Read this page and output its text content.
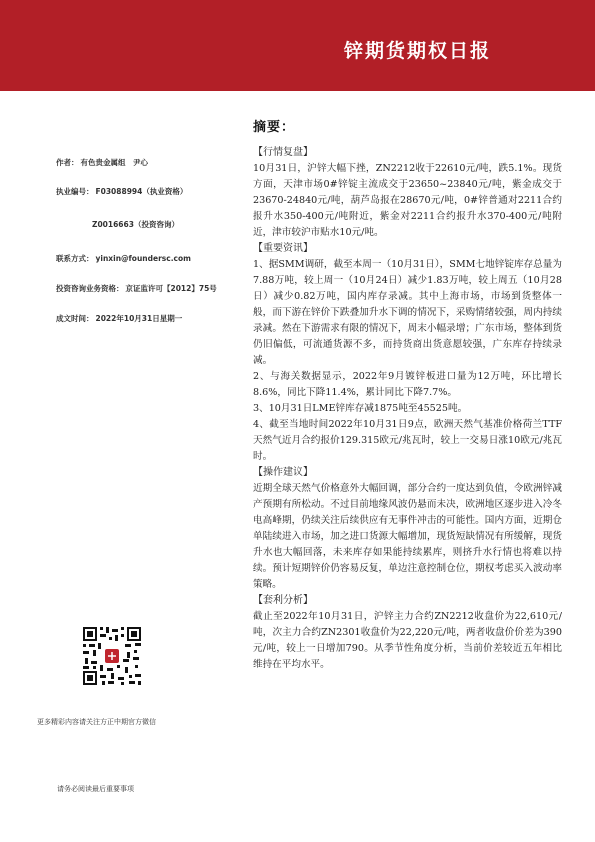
锌期货期权日报
作者： 有色贵金属组　尹心
执业编号： F03088994（执业资格）
Z0016663（投资咨询）
联系方式： yinxin@foundersc.com
投资咨询业务资格： 京证监许可【2012】75号
成文时间： 2022年10月31日星期一
更多精彩内容请关注方正中期官方微信
请务必阅读最后重要事项
摘要：
【行情复盘】

10月31日，沪锌大幅下挫，ZN2212收于22610元/吨，跌5.1%。现货方面，天津市场0#锌锭主流成交于23650~23840元/吨，紫金成交于23670-24840元/吨，葫芦岛报在28670元/吨，0#锌普通对2211合约报升水350-400元/吨附近，紫金对2211合约报升水370-400元/吨附近，津市较沪市贴水10元/吨。

【重要资讯】

1、据SMM调研，截至本周一（10月31日），SMM七地锌锭库存总量为7.88万吨，较上周一（10月24日）减少1.83万吨，较上周五（10月28日）减少0.82万吨，国内库存录减。其中上海市场，市场到货整体一般，而下游在锌价下跌叠加升水下调的情况下，采购情绪较强，周内持续录减。然在下游需求有限的情况下，周末小幅录增；广东市场，整体到货仍旧偏低，可流通货源不多，而持货商出货意愿较强，广东库存持续录减。

2、与海关数据显示，2022年9月镀锌板进口量为12万吨，环比增长8.6%，同比下降11.4%，累计同比下降7.7%。

3、10月31日LME锌库存减1875吨至45525吨。

4、截至当地时间2022年10月31日9点，欧洲天然气基准价格荷兰TTF天然气近月合约报价129.315欧元/兆瓦时，较上一交易日涨10欧元/兆瓦时。

【操作建议】

近期全球天然气价格意外大幅回调，部分合约一度达到负值，令欧洲锌减产预期有所松动。不过目前地缘风波仍悬而未决，欧洲地区逐步进入冷冬电高峰期，仍续关注后续供应有无事件冲击的可能性。国内方面，近期仓单陆续进入市场，加之进口货源大幅增加，现货短缺情况有所缓解，现货升水也大幅回落，未来库存如果能持续累库，则挤升水行情也将难以持续。预计短期锌价仍容易反复，单边注意控制仓位，期权考虑买入波动率策略。

【套利分析】

截止至2022年10月31日，沪锌主力合约ZN2212收盘价为22,610元/吨，次主力合约ZN2301收盘价为22,220元/吨，两者收盘价价差为390元/吨，较上一日增加790。从季节性角度分析，当前价差较近五年相比维持在平均水平。
